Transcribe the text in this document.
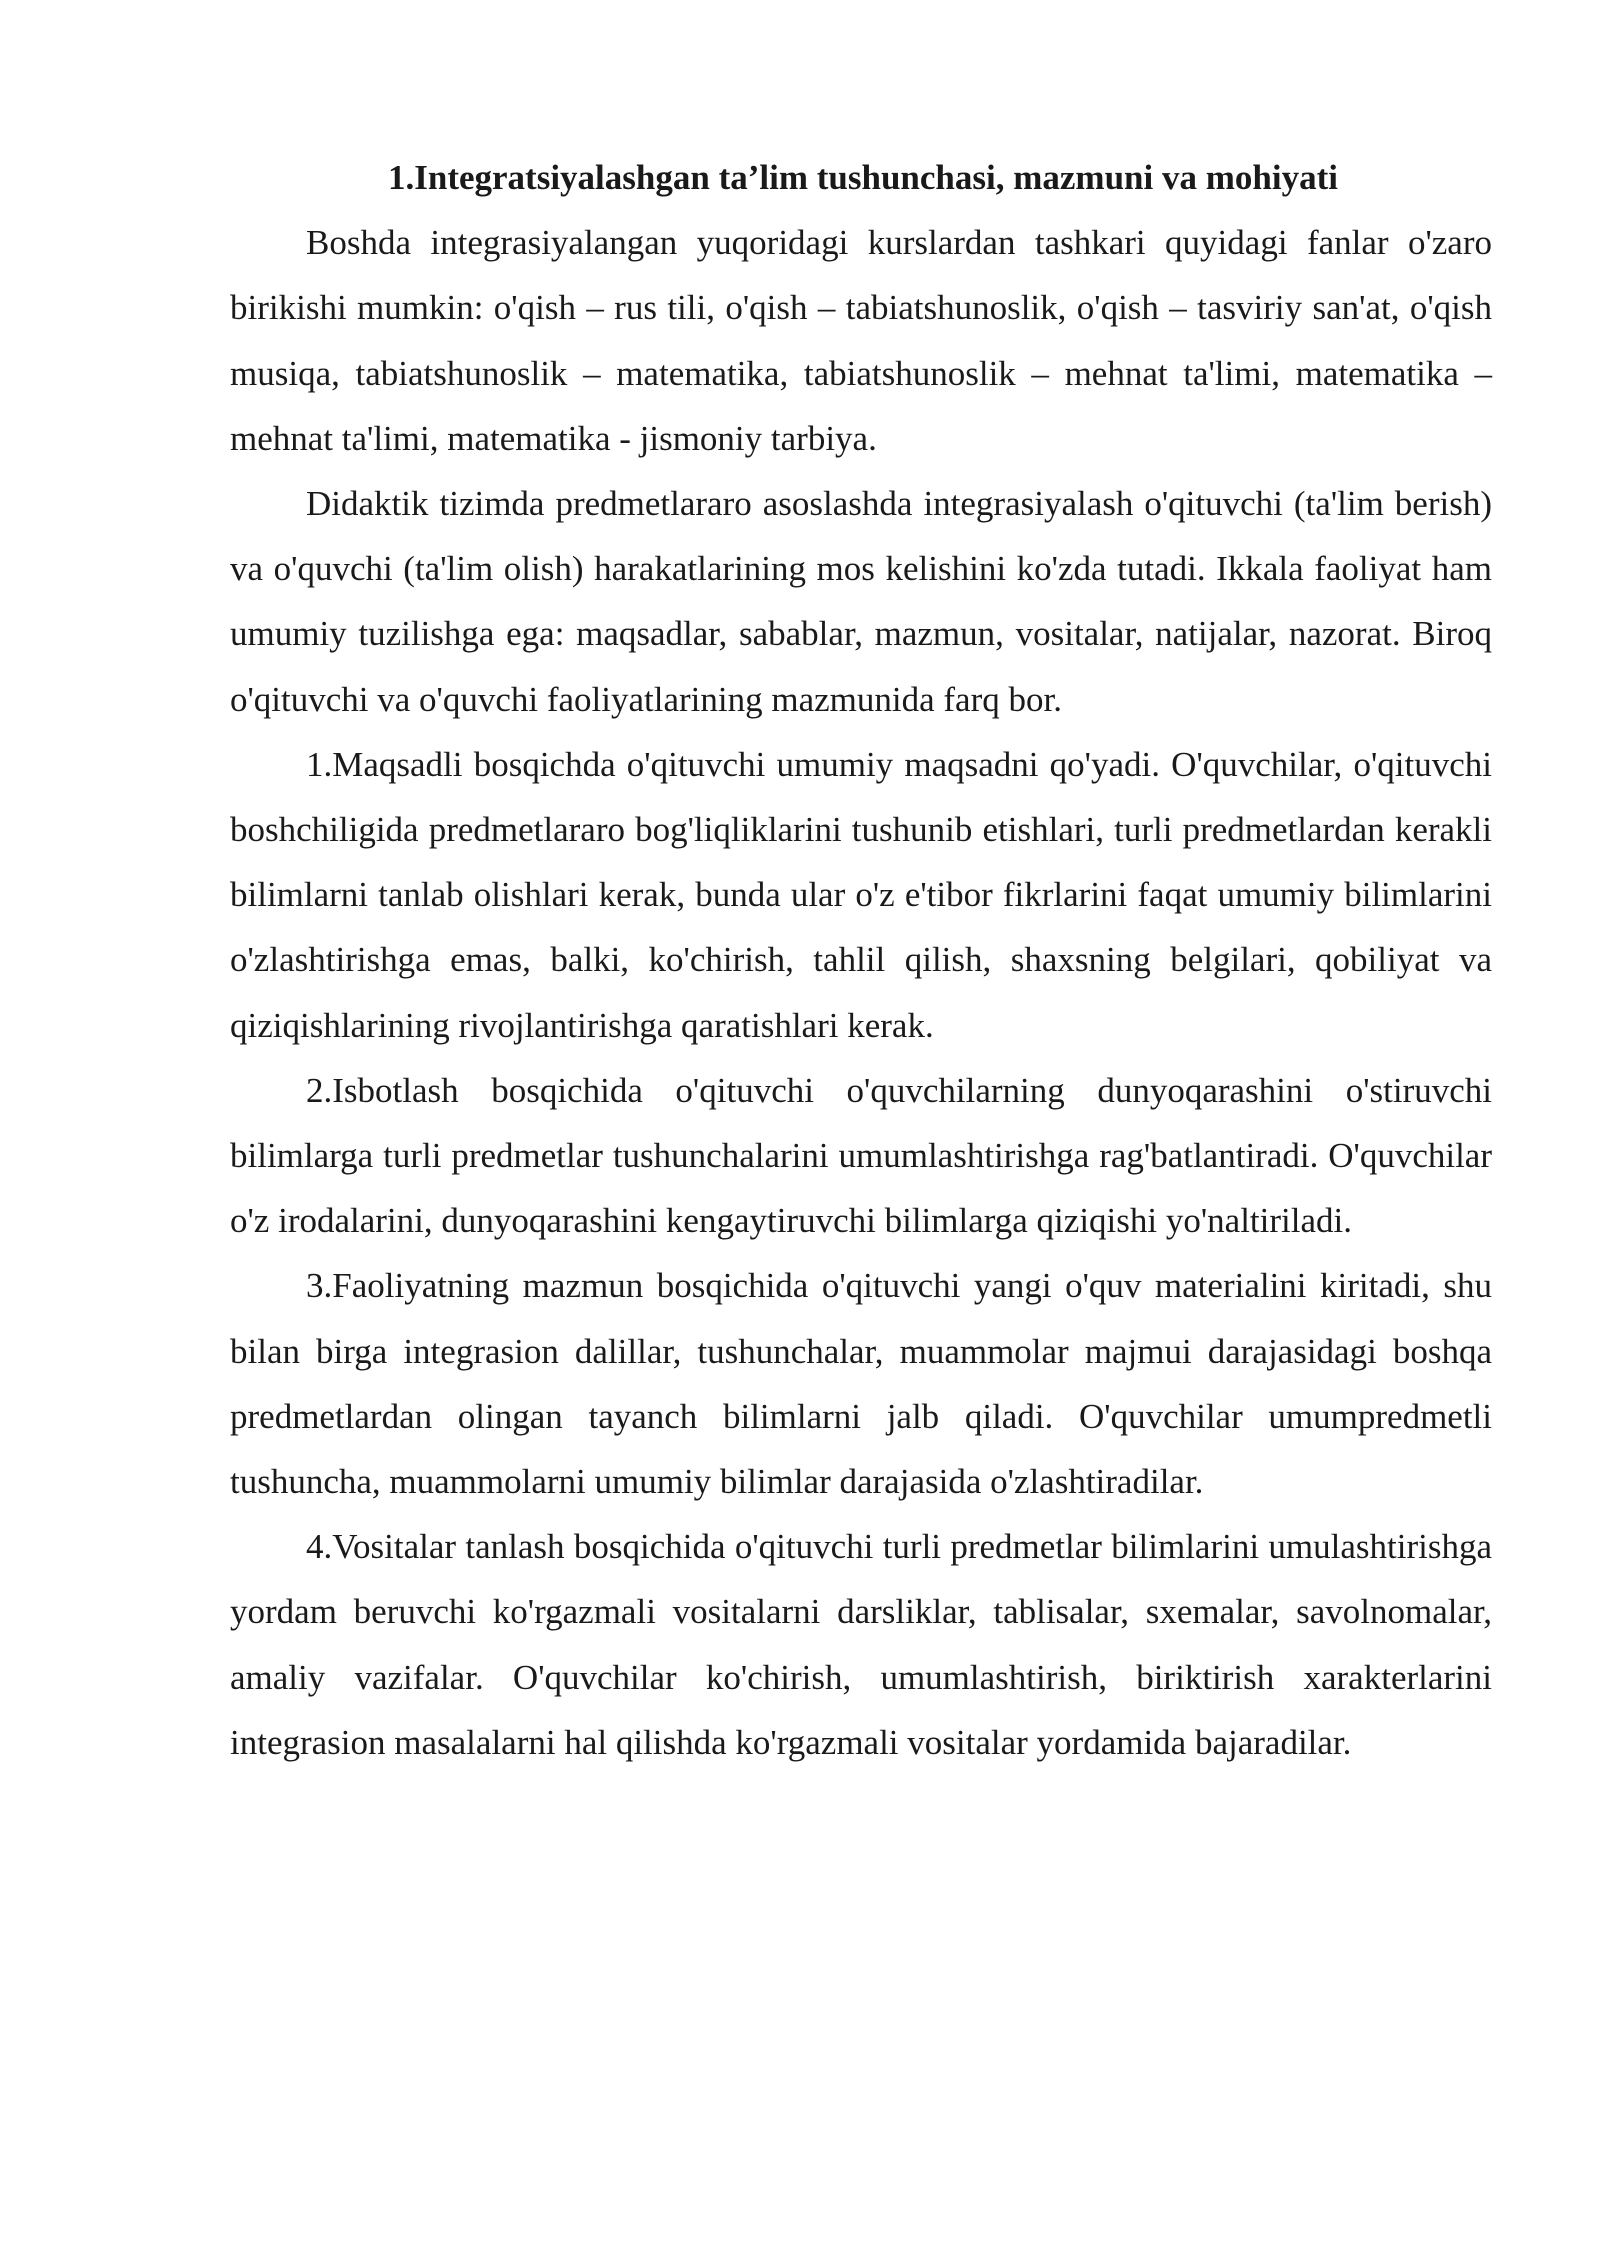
1.Integratsiyalashgan ta’lim tushunchasi, mazmuni va mohiyati

Boshda integrasiyalangan yuqoridagi kurslardan tashkari quyidagi fanlar o'zaro birikishi mumkin: o'qish – rus tili, o'qish – tabiatshunoslik, o'qish – tasviriy san'at, o'qish musiqa, tabiatshunoslik – matematika, tabiatshunoslik – mehnat ta'limi, matematika – mehnat ta'limi, matematika - jismoniy tarbiya.

Didaktik tizimda predmetlararo asoslashda integrasiyalash o'qituvchi (ta'lim berish) va o'quvchi (ta'lim olish) harakatlarining mos kelishini ko'zda tutadi. Ikkala faoliyat ham umumiy tuzilishga ega: maqsadlar, sabablar, mazmun, vositalar, natijalar, nazorat. Biroq o'qituvchi va o'quvchi faoliyatlarining mazmunida farq bor.

1.Maqsadli bosqichda o'qituvchi umumiy maqsadni qo'yadi. O'quvchilar, o'qituvchi boshchiligida predmetlararo bog'liqliklarini tushunib etishlari, turli predmetlardan kerakli bilimlarni tanlab olishlari kerak, bunda ular o'z e'tibor fikrlarini faqat umumiy bilimlarini o'zlashtirishga emas, balki, ko'chirish, tahlil qilish, shaxsning belgilari, qobiliyat va qiziqishlarining rivojlantirishga qaratishlari kerak.

2.Isbotlash bosqichida o'qituvchi o'quvchilarning dunyoqarashini o'stiruvchi bilimlarga turli predmetlar tushunchalarini umumlashtirishga rag'batlantiradi. O'quvchilar o'z irodalarini, dunyoqarashini kengaytiruvchi bilimlarga qiziqishi yo'naltiriladi.

3.Faoliyatning mazmun bosqichida o'qituvchi yangi o'quv materialini kiritadi, shu bilan birga integrasion dalillar, tushunchalar, muammolar majmui darajasidagi boshqa predmetlardan olingan tayanch bilimlarni jalb qiladi. O'quvchilar umumpredmetli tushuncha, muammolarni umumiy bilimlar darajasida o'zlashtiradilar.

4.Vositalar tanlash bosqichida o'qituvchi turli predmetlar bilimlarini umulashtirishga yordam beruvchi ko'rgazmali vositalarni darsliklar, tablisalar, sxemalar, savolnomalar, amaliy vazifalar. O'quvchilar ko'chirish, umumlashtirish, biriktirish xarakterlarini integrasion masalalarni hal qilishda ko'rgazmali vositalar yordamida bajaradilar.
